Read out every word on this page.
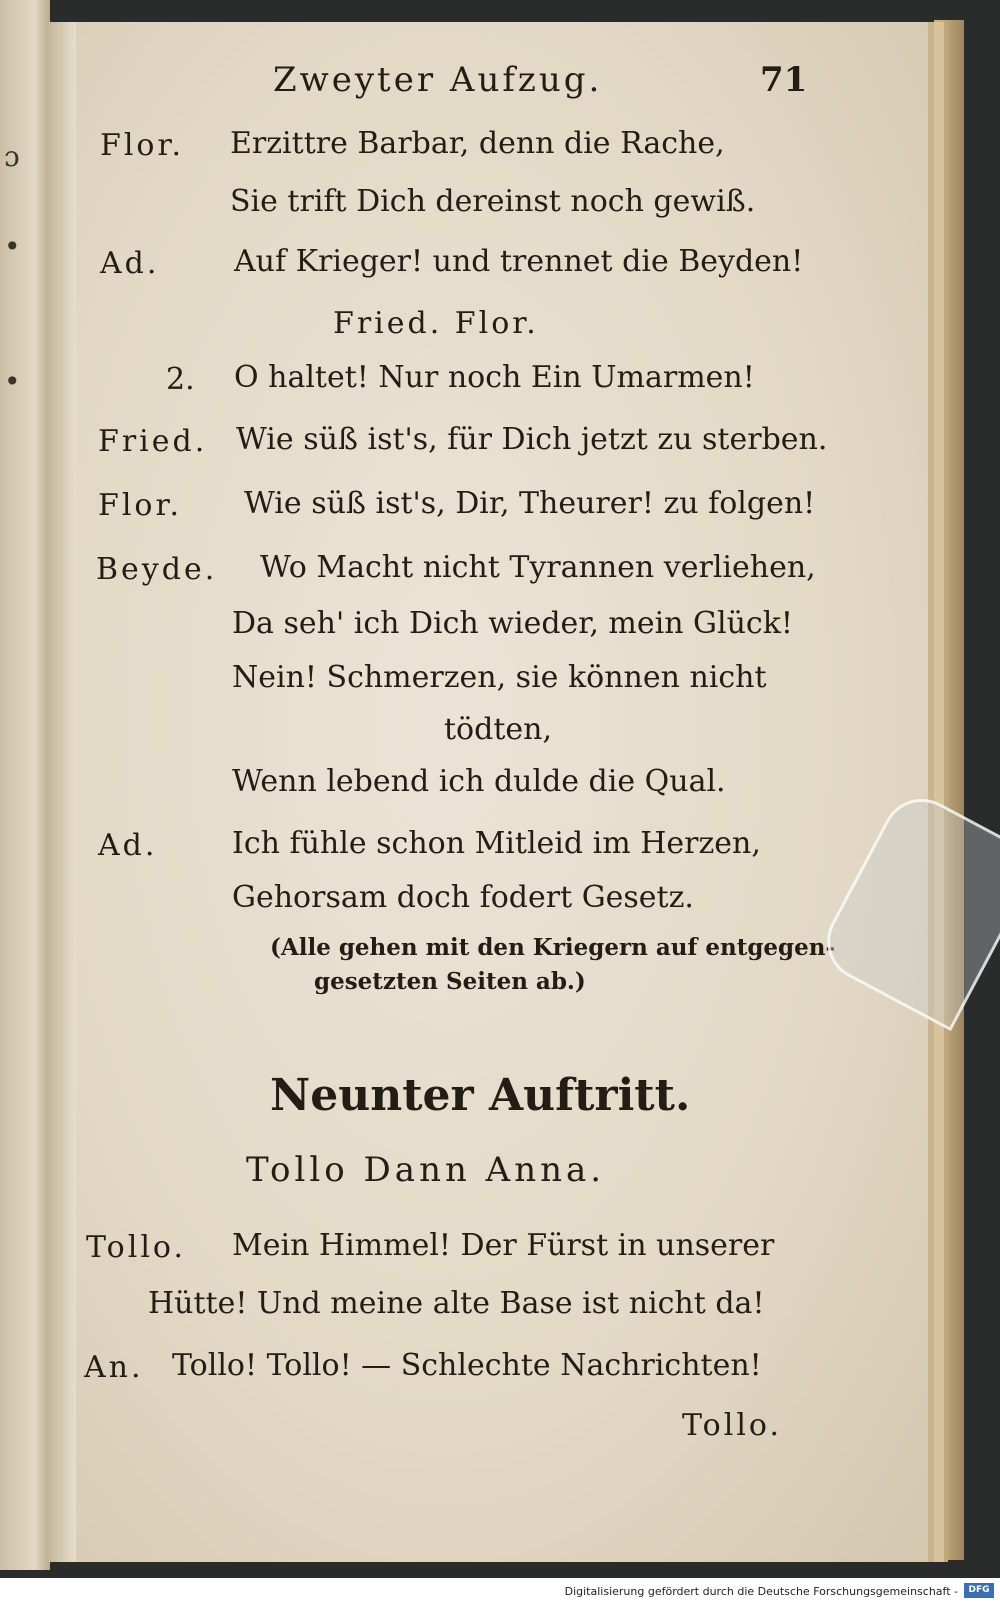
ɔ
•
•
Zweyter Aufzug.	71
Flor. Erzittre Barbar, denn die Rache,
Sie trift Dich dereinst noch gewiß.
Ad. Auf Krieger! und trennet die Beyden!
Fried. Flor.
2. O haltet! Nur noch Ein Umarmen!
Fried. Wie süß ist's, für Dich jetzt zu sterben.
Flor. Wie süß ist's, Dir, Theurer! zu folgen!
Beyde. Wo Macht nicht Tyrannen verliehen,
Da seh' ich Dich wieder, mein Glück!
Nein! Schmerzen, sie können nicht
tödten,
Wenn lebend ich dulde die Qual.
Ad. Ich fühle schon Mitleid im Herzen,
Gehorsam doch fodert Gesetz.
(Alle gehen mit den Kriegern auf entgegen-
gesetzten Seiten ab.)
Neunter Auftritt.
Tollo Dann Anna.
Tollo. Mein Himmel! Der Fürst in unserer
Hütte! Und meine alte Base ist nicht da!
An. Tollo! Tollo! — Schlechte Nachrichten!
Tollo.
Digitalisierung gefördert durch die Deutsche Forschungsgemeinschaft -	DFG
